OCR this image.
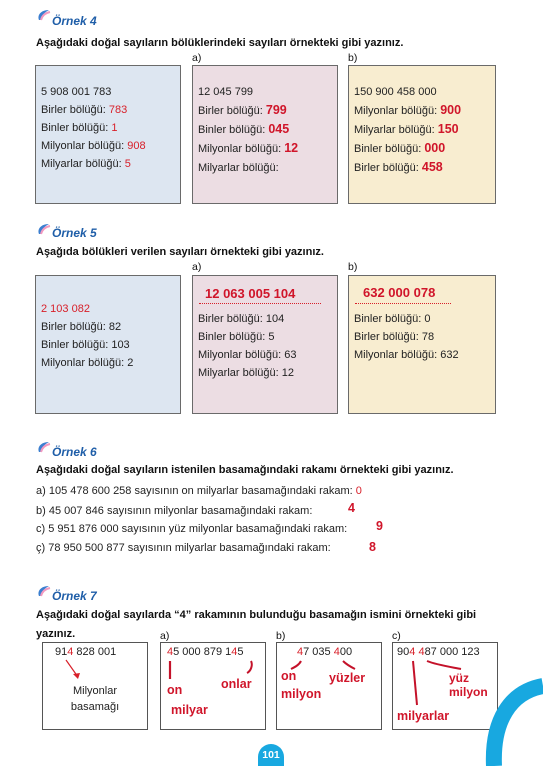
Örnek 4
Aşağıdaki doğal sayıların bölüklerindeki sayıları örnekteki gibi yazınız.
a)	b)
5 908 001 783
Birler bölüğü: 783
Binler bölüğü: 1
Milyonlar bölüğü: 908
Milyarlar bölüğü: 5
12 045 799
Birler bölüğü: 799
Binler bölüğü: 045
Milyonlar bölüğü: 12
Milyarlar bölüğü:
150 900 458 000
Milyonlar bölüğü: 900
Milyarlar bölüğü: 150
Binler bölüğü: 000
Birler bölüğü: 458
Örnek 5
Aşağıda bölükleri verilen sayıları örnekteki gibi yazınız.
a)	b)
2 103 082
Birler bölüğü: 82
Binler bölüğü: 103
Milyonlar bölüğü: 2
12 063 005 104
Birler bölüğü: 104
Binler bölüğü: 5
Milyonlar bölüğü: 63
Milyarlar bölüğü: 12
632 000 078
Binler bölüğü: 0
Birler bölüğü: 78
Milyonlar bölüğü: 632
Örnek 6
Aşağıdaki doğal sayıların istenilen basamağındaki rakamı örnekteki gibi yazınız.
a) 105 478 600 258 sayısının on milyarlar basamağındaki rakam: 0
b) 45 007 846 sayısının milyonlar basamağındaki rakam:	4
c) 5 951 876 000 sayısının yüz milyonlar basamağındaki rakam: 9
ç) 78 950 500 877 sayısının milyarlar basamağındaki rakam:	8
Örnek 7
Aşağıdaki doğal sayılarda “4” rakamının bulunduğu basamağın ismini örnekteki gibi
yazınız.	a)	b)	c)
914 828 001
Milyonlar
basamağı
45 000 879 145
on
milyar
onlar
47 035 400
on
milyon
yüzler
904 487 000 123
milyarlar
yüz milyon
101
